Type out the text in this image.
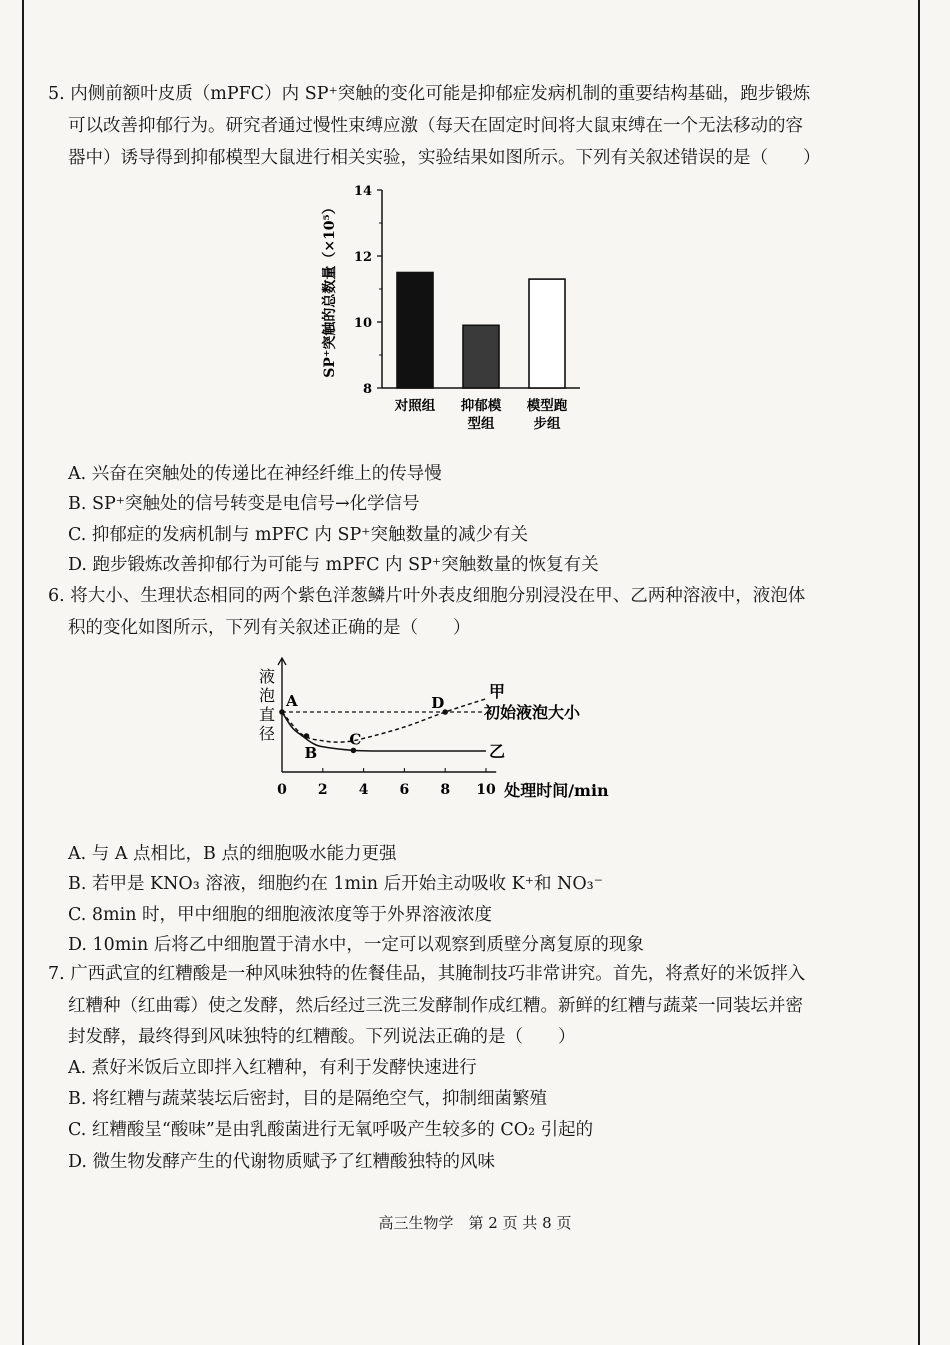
5. 内侧前额叶皮质（mPFC）内 SP⁺突触的变化可能是抑郁症发病机制的重要结构基础，跑步锻炼
可以改善抑郁行为。研究者通过慢性束缚应激（每天在固定时间将大鼠束缚在一个无法移动的容
器中）诱导得到抑郁模型大鼠进行相关实验，实验结果如图所示。下列有关叙述错误的是（　　）
8
10
12
14
对照组 抑郁模
型组
模型跑
步组
SP⁺突触的总数量（×10⁵）
A. 兴奋在突触处的传递比在神经纤维上的传导慢
B. SP⁺突触处的信号转变是电信号→化学信号
C. 抑郁症的发病机制与 mPFC 内 SP⁺突触数量的减少有关
D. 跑步锻炼改善抑郁行为可能与 mPFC 内 SP⁺突触数量的恢复有关
6. 将大小、生理状态相同的两个紫色洋葱鳞片叶外表皮细胞分别浸没在甲、乙两种溶液中，液泡体
积的变化如图所示，下列有关叙述正确的是（　　）
液
泡
直
径
0 2 4 6 8 10 处理时间/min
初始液泡大小
甲
乙
A
B
C
D
A. 与 A 点相比，B 点的细胞吸水能力更强
B. 若甲是 KNO₃ 溶液，细胞约在 1min 后开始主动吸收 K⁺和 NO₃⁻
C. 8min 时，甲中细胞的细胞液浓度等于外界溶液浓度
D. 10min 后将乙中细胞置于清水中，一定可以观察到质壁分离复原的现象
7. 广西武宣的红糟酸是一种风味独特的佐餐佳品，其腌制技巧非常讲究。首先，将煮好的米饭拌入
红糟种（红曲霉）使之发酵，然后经过三洗三发酵制作成红糟。新鲜的红糟与蔬菜一同装坛并密
封发酵，最终得到风味独特的红糟酸。下列说法正确的是（　　）
A. 煮好米饭后立即拌入红糟种，有利于发酵快速进行
B. 将红糟与蔬菜装坛后密封，目的是隔绝空气，抑制细菌繁殖
C. 红糟酸呈“酸味”是由乳酸菌进行无氧呼吸产生较多的 CO₂ 引起的
D. 微生物发酵产生的代谢物质赋予了红糟酸独特的风味
高三生物学　第 2 页 共 8 页
